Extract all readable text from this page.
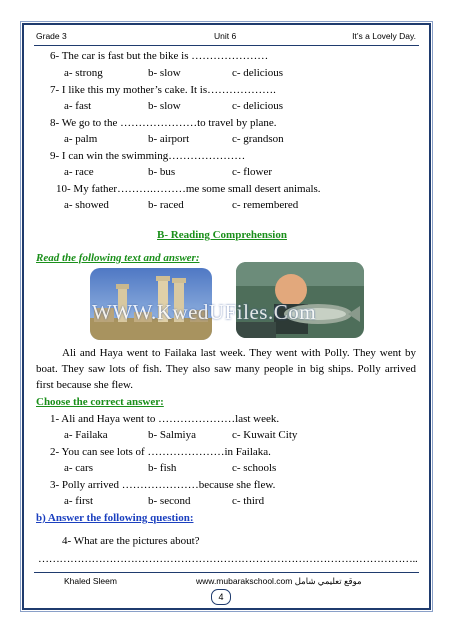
Grade 3	Unit 6	It’s a Lovely Day.
6- The car is fast but the bike is …………………
a- strong	b- slow	c- delicious
7- I like this my mother’s cake. It is……………….
a- fast	b- slow	c- delicious
8- We go to the …………………to travel by plane.
a- palm	b- airport	c- grandson
9- I can win the swimming…………………
a- race	b- bus	c- flower
10- My father……….………me some small desert animals.
a- showed	b- raced	c- remembered
B- Reading Comprehension
Read the following text and answer:
WWW.KwedUFiles.Com
Ali and Haya went to Failaka last week. They went with Polly. They went by boat. They saw lots of fish. They also saw many people in big ships. Polly arrived first because she flew.
Choose the correct answer:
1- Ali and Haya went to …………………last week.
a- Failaka	b- Salmiya	c- Kuwait City
2- You can see lots of …………………in Failaka.
a- cars	b- fish	c- schools
3- Polly arrived …………………because she flew.
a- first	b- second	c- third
b) Answer the following question:
4- What are the pictures about?
……………………………………………………………………………………………..
Khaled Sleem	www.mubarakschool.com موقع تعليمي شامل
4
